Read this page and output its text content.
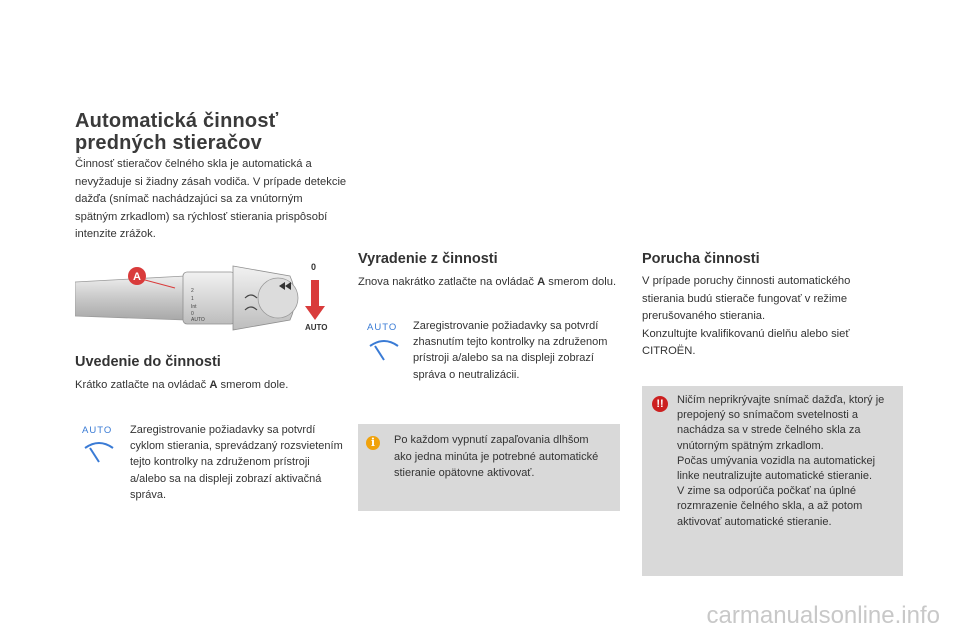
Automatická činnosť
predných stieračov
Činnosť stieračov čelného skla je automatická a nevyžaduje si žiadny zásah vodiča. V prípade detekcie dažďa (snímač nachádzajúci sa za vnútorným spätným zrkadlom) sa rýchlosť stierania prispôsobí intenzite zrážok.
2
1
Int
0
AUTO
A
0
AUTO
Uvedenie do činnosti
Krátko zatlačte na ovládač A smerom dole.
AUTO Zaregistrovanie požiadavky sa potvrdí cyklom stierania, sprevádzaný rozsvietením tejto kontrolky na združenom prístroji a/alebo sa na displeji zobrazí aktivačná správa.
Vyradenie z činnosti
Znova nakrátko zatlačte na ovládač A smerom dolu.
AUTO Zaregistrovanie požiadavky sa potvrdí zhasnutím tejto kontrolky na združenom prístroji a/alebo sa na displeji zobrazí správa o neutralizácii.
i	Po každom vypnutí zapaľovania dlhšom ako jedna minúta je potrebné automatické stieranie opätovne aktivovať.
Porucha činnosti
V prípade poruchy činnosti automatického stierania budú stierače fungovať v režime prerušovaného stierania.
Konzultujte kvalifikovanú dielňu alebo sieť CITROËN.
!!	Ničím neprikrývajte snímač dažďa, ktorý je prepojený so snímačom svetelnosti a nachádza sa v strede čelného skla za vnútorným spätným zrkadlom.
Počas umývania vozidla na automatickej linke neutralizujte automatické stieranie.
V zime sa odporúča počkať na úplné rozmrazenie čelného skla, a až potom aktivovať automatické stieranie.
carmanualsonline.info
